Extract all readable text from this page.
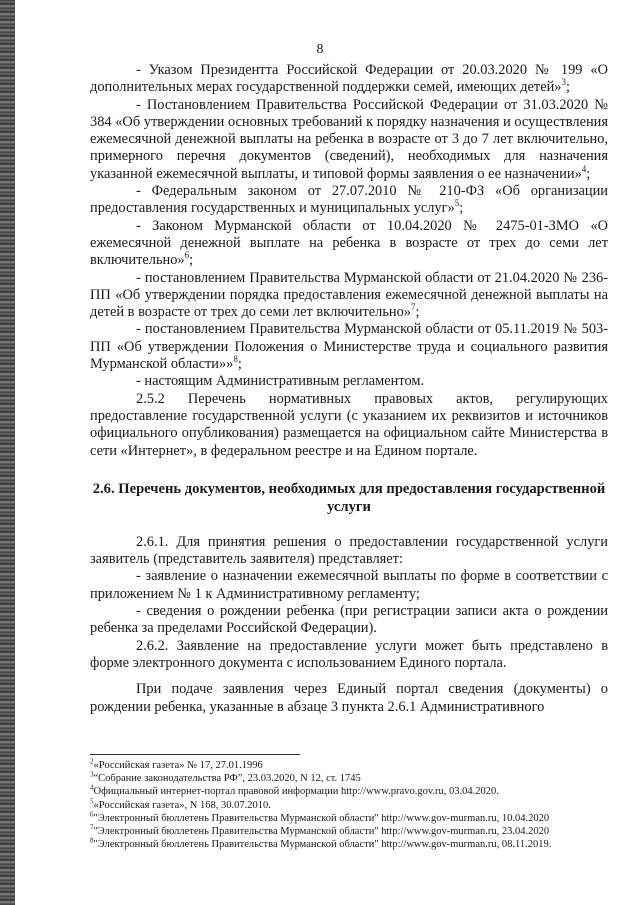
8

- Указом Президентта Российской Федерации от 20.03.2020 № 199 «О дополнительных мерах государственной поддержки семей, имеющих детей»$^3$;

- Постановлением Правительства Российской Федерации от 31.03.2020 № 384 «Об утверждении основных требований к порядку назначения и осуществления ежемесячной денежной выплаты на ребенка в возрасте от 3 до 7 лет включительно, примерного перечня документов (сведений), необходимых для назначения указанной ежемесячной выплаты, и типовой формы заявления о ее назначении»$^4$;

- Федеральным законом от 27.07.2010 № 210-ФЗ «Об организации предоставления государственных и муниципальных услуг»$^5$;

- Законом Мурманской области от 10.04.2020 № 2475-01-ЗМО «О ежемесячной денежной выплате на ребенка в возрасте от трех до семи лет включительно»$^6$;

- постановлением Правительства Мурманской области от 21.04.2020 № 236-ПП «Об утверждении порядка предоставления ежемесячной денежной выплаты на детей в возрасте от трех до семи лет включительно»$^7$;

- постановлением Правительства Мурманской области от 05.11.2019 № 503-ПП «Об утверждении Положения о Министерстве труда и социального развития Мурманской области»»$^8$;

- настоящим Административным регламентом.

2.5.2 Перечень нормативных правовых актов, регулирующих предоставление государственной услуги (с указанием их реквизитов и источников официального опубликования) размещается на официальном сайте Министерства в сети «Интернет», в федеральном реестре и на Едином портале.

2.6. Перечень документов, необходимых для предоставления государственной услуги

2.6.1. Для принятия решения о предоставлении государственной услуги заявитель (представитель заявителя) представляет:

- заявление о назначении ежемесячной выплаты по форме в соответствии с приложением № 1 к Административному регламенту;

- сведения о рождении ребенка (при регистрации записи акта о рождении ребенка за пределами Российской Федерации).

2.6.2. Заявление на предоставление услуги может быть представлено в форме электронного документа с использованием Единого портала.

При подаче заявления через Единый портал сведения (документы) о рождении ребенка, указанные в абзаце 3 пункта 2.6.1 Административного

$^2$«Российская газета» № 17, 27.01.1996
$^3$“Собрание законодательства РФ”, 23.03.2020, N 12, ст. 1745
$^4$Официальный интернет-портал правовой информации http://www.pravo.gov.ru, 03.04.2020.
$^5$«Российская газета», N 168, 30.07.2010.
$^6$"Электронный бюллетень Правительства Мурманской области" http://www.gov-murman.ru, 10.04.2020
$^7$"Электронный бюллетень Правительства Мурманской области" http://www.gov-murman.ru, 23.04.2020
$^8$"Электронный бюллетень Правительства Мурманской области" http://www.gov-murman.ru, 08.11.2019.
